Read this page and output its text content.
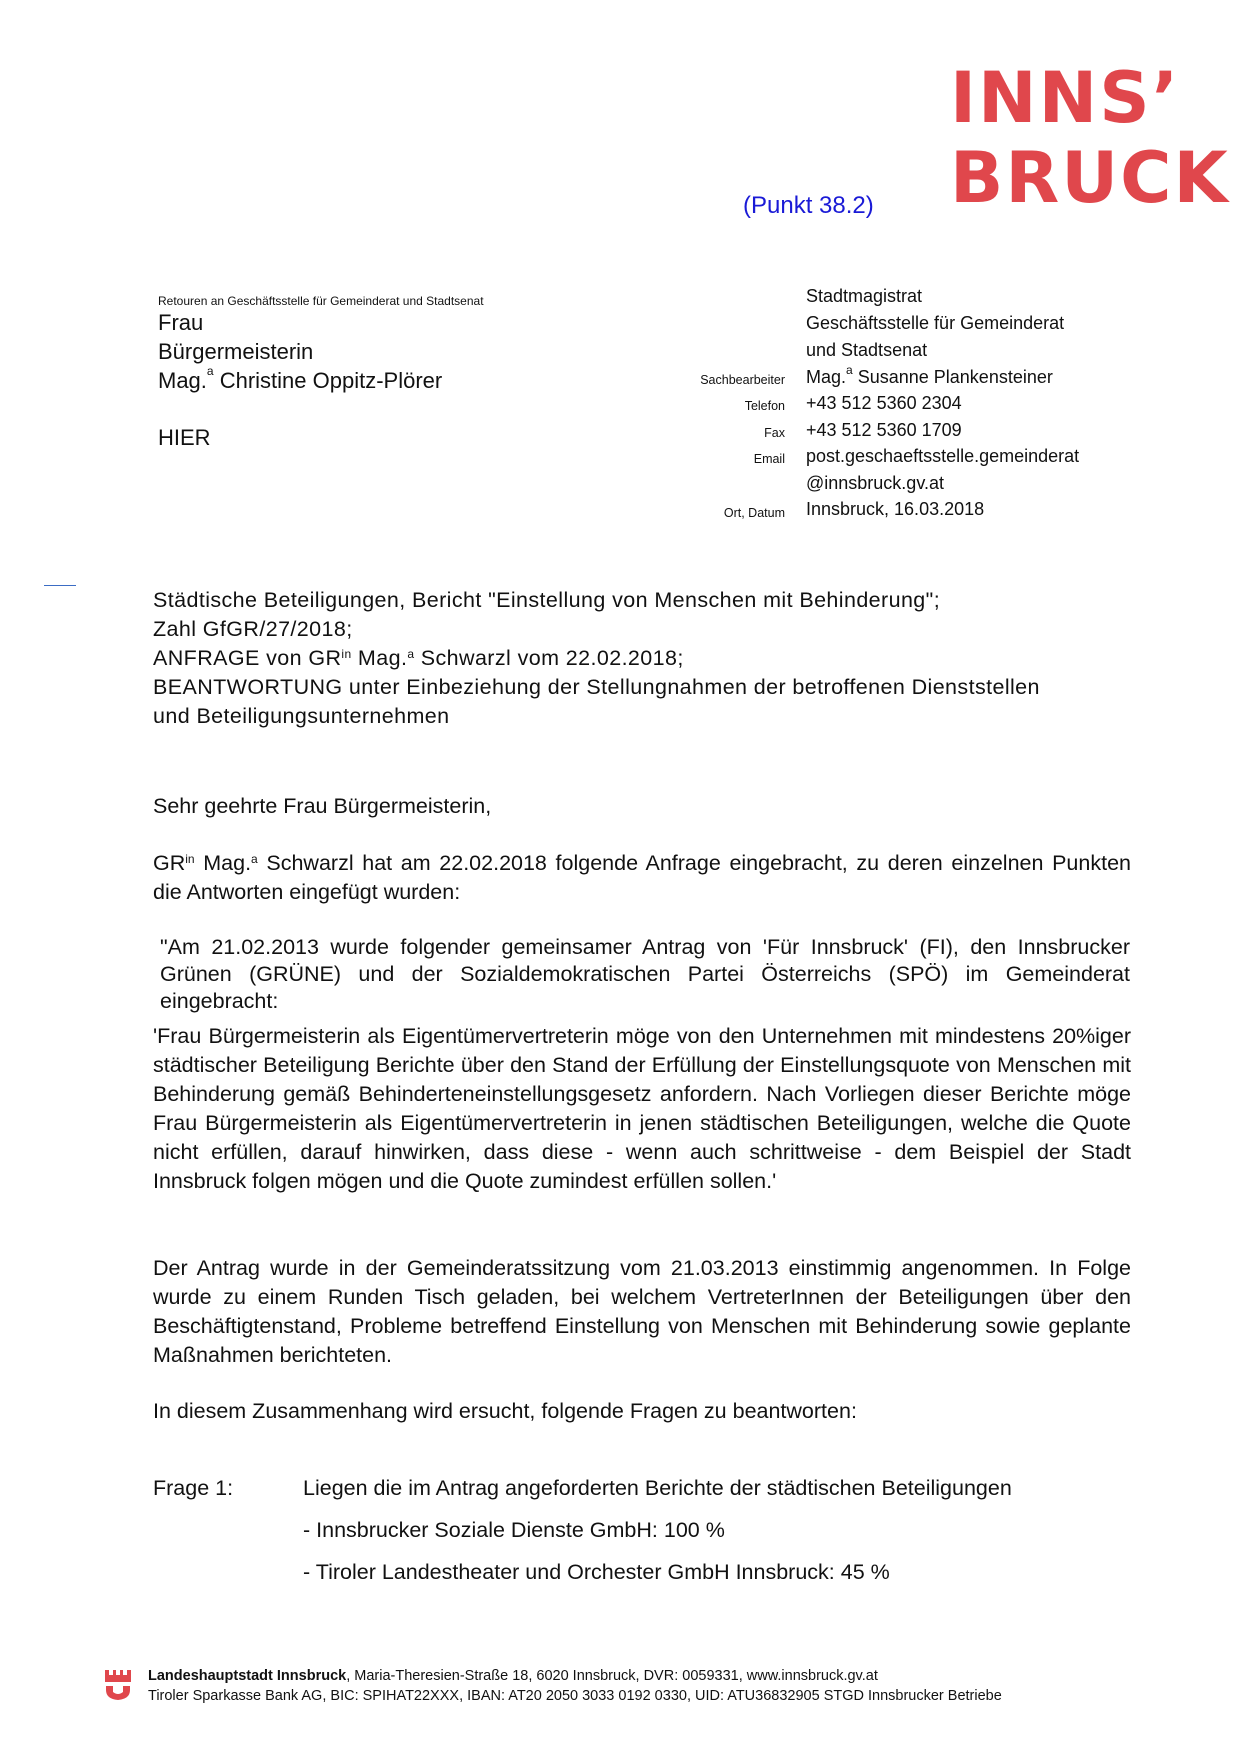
INNS’
BRUCK
(Punkt 38.2)
Retouren an Geschäftsstelle für Gemeinderat und Stadtsenat
Frau
Bürgermeisterin
Mag.$^a$ Christine Oppitz-Plörer
HIER
Stadtmagistrat
Geschäftsstelle für Gemeinderat
und Stadtsenat
Sachbearbeiter Mag.$^a$ Susanne Plankensteiner
Telefon +43 512 5360 2304
Fax +43 512 5360 1709
Email post.geschaeftsstelle.gemeinderat
@innsbruck.gv.at
Ort, Datum Innsbruck, 16.03.2018
Städtische Beteiligungen, Bericht "Einstellung von Menschen mit Behinderung";
Zahl GfGR/27/2018;
ANFRAGE von $GR^{in}$ Mag.$^a$ Schwarzl vom 22.02.2018;
BEANTWORTUNG unter Einbeziehung der Stellungnahmen der betroffenen Dienststellen
und Beteiligungsunternehmen
Sehr geehrte Frau Bürgermeisterin,
$GR^{in}$ Mag.$^a$ Schwarzl hat am 22.02.2018 folgende Anfrage eingebracht, zu deren einzelnen Punkten die Antworten eingefügt wurden:
"Am 21.02.2013 wurde folgender gemeinsamer Antrag von 'Für Innsbruck' (FI), den Innsbrucker Grünen (GRÜNE) und der Sozialdemokratischen Partei Österreichs (SPÖ) im Gemeinderat eingebracht:
'Frau Bürgermeisterin als Eigentümervertreterin möge von den Unternehmen mit mindestens 20%iger städtischer Beteiligung Berichte über den Stand der Erfüllung der Einstellungsquote von Menschen mit Behinderung gemäß Behinderteneinstellungsgesetz anfordern. Nach Vorliegen dieser Berichte möge Frau Bürgermeisterin als Eigentümervertreterin in jenen städtischen Beteiligungen, welche die Quote nicht erfüllen, darauf hinwirken, dass diese - wenn auch schrittweise - dem Beispiel der Stadt Innsbruck folgen mögen und die Quote zumindest erfüllen sollen.'
Der Antrag wurde in der Gemeinderatssitzung vom 21.03.2013 einstimmig angenommen. In Folge wurde zu einem Runden Tisch geladen, bei welchem VertreterInnen der Beteiligungen über den Beschäftigtenstand, Probleme betreffend Einstellung von Menschen mit Behinderung sowie geplante Maßnahmen berichteten.
In diesem Zusammenhang wird ersucht, folgende Fragen zu beantworten:
Frage 1:	Liegen die im Antrag angeforderten Berichte der städtischen Beteiligungen
- Innsbrucker Soziale Dienste GmbH: 100 %
- Tiroler Landestheater und Orchester GmbH Innsbruck: 45 %
Landeshauptstadt Innsbruck, Maria-Theresien-Straße 18, 6020 Innsbruck, DVR: 0059331, www.innsbruck.gv.at
Tiroler Sparkasse Bank AG, BIC: SPIHAT22XXX, IBAN: AT20 2050 3033 0192 0330, UID: ATU36832905 STGD Innsbrucker Betriebe
